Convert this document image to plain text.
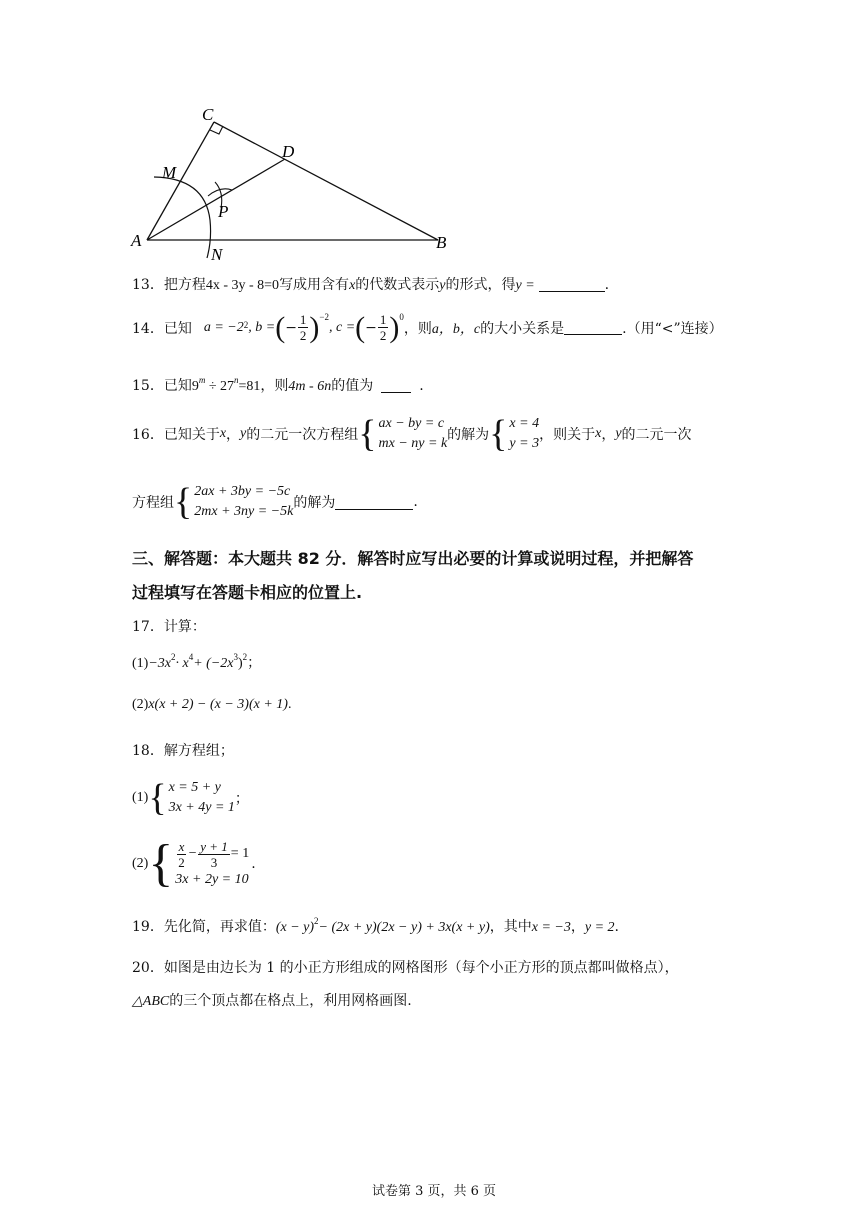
C
D
M
P
A
N
B
13．把方程4x - 3y - 8=0写成用含有x的代数式表示y的形式，得y =	.
14． 已知 a = −2 2 , b = ( − $\frac{1}{2}$ ) −2
, c = ( − $\frac{1}{2}$ ) 0
，则 a，b，c 的大小关系是	.（用“<”连接）
15．已知$9^m \div 27^n=81$，则4m - 6n的值为	.
16． 已知关于 x ， y 的二元一次方程组 { ax − by = c
mx − ny = k
的解为 { x = 4
y = 3
，则关于 x ， y 的二元一次
方程组 { 2ax + 3by = −5c
2mx + 3ny = −5k
的解为	.
三、解答题：本大题共 82 分．解答时应写出必要的计算或说明过程，并把解答
过程填写在答题卡相应的位置上.
17．计算：
$(1)-3x^2\cdot x^4+ (-2x^3)^2$；
(2)x(x + 2) − (x − 3)(x + 1).
18．解方程组；
(1) { x = 5 + y
3x + 4y = 1
；
(2) { $\frac{x}{2} - \frac{y + 1}{3} = 1$
3x + 2y = 10
.
19．先化简，再求值：$(x - y)^2- (2x + y)(2x - y) + 3x(x + y)$，其中x = −3，y = 2.
20．如图是由边长为 1 的小正方形组成的网格图形（每个小正方形的顶点都叫做格点），
△ABC的三个顶点都在格点上，利用网格画图.
试卷第 3 页，共 6 页
